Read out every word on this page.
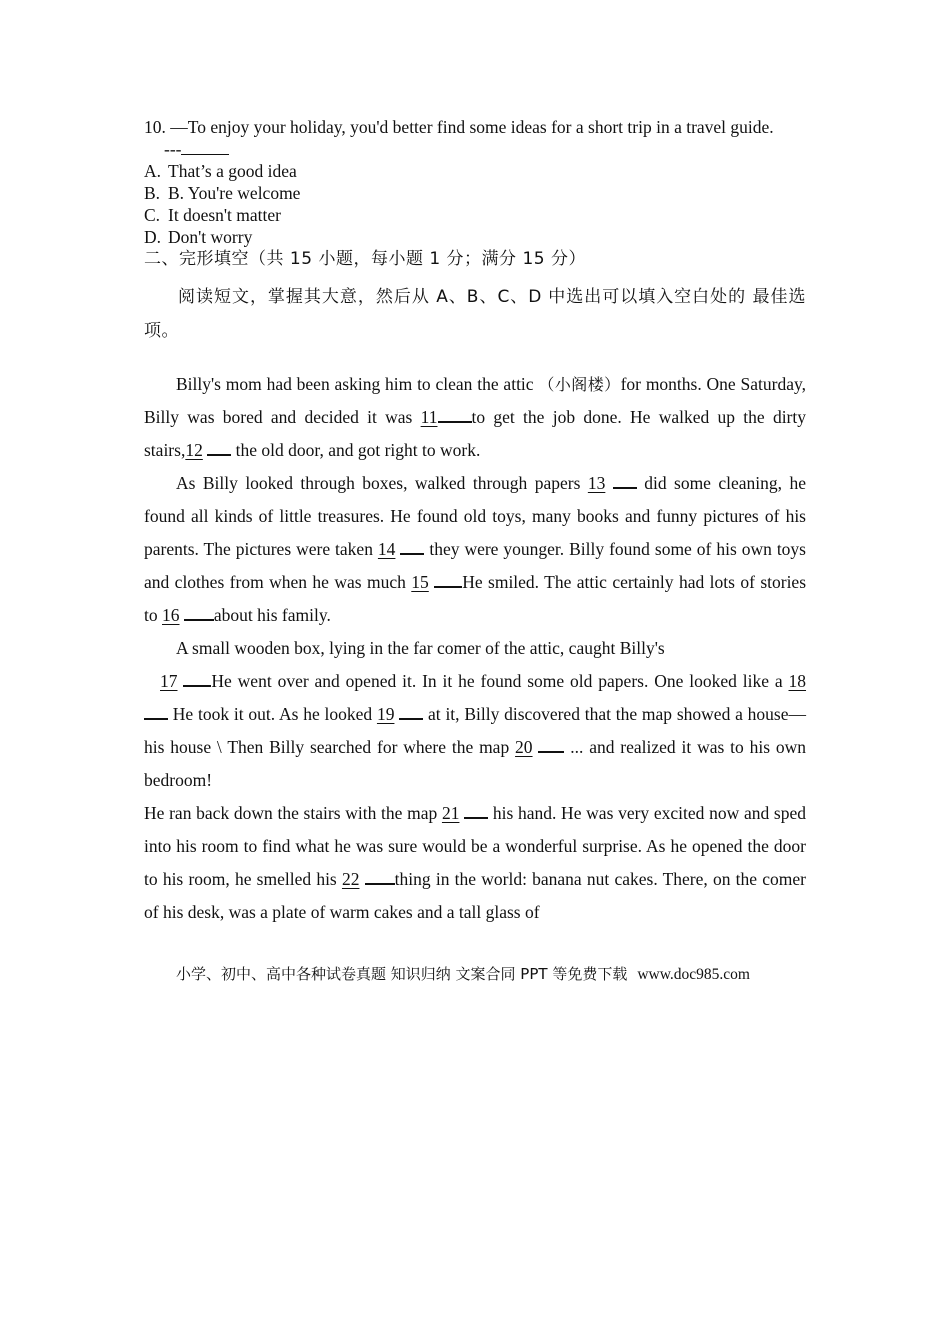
10. —To enjoy your holiday, you'd better find some ideas for a short trip in a travel guide.

---

A. That’s a good idea

B. B. You're welcome

C. It doesn't matter

D. Don't worry

二、完形填空（共 15 小题，每小题 1 分；满分 15 分）

阅读短文，掌握其大意，然后从 A、B、C、D 中选出可以填入空白处的 最佳选项。

Billy's mom had been asking him to clean the attic （小阁楼）for months. One Saturday, Billy was bored and decided it was 11 to get the job done. He walked up the dirty stairs,12  the old door, and got right to work.

As Billy looked through boxes, walked through papers 13  did some cleaning, he found all kinds of little treasures. He found old toys, many books and funny pictures of his parents. The pictures were taken 14  they were younger. Billy found some of his own toys and clothes from when he was much 15 He smiled. The attic certainly had lots of stories to 16 about his family.

A small wooden box, lying in the far comer of the attic, caught Billy's

17 He went over and opened it. In it he found some old papers. One looked like a 18  He took it out. As he looked 19  at it, Billy discovered that the map showed a house—his house \ Then Billy searched for where the map 20  ... and realized it was to his own bedroom!

He ran back down the stairs with the map 21  his hand. He was very excited now and sped into his room to find what he was sure would be a wonderful surprise. As he opened the door to his room, he smelled his 22 thing in the world: banana nut cakes. There, on the comer of his desk, was a plate of warm cakes and a tall glass of

小学、初中、高中各种试卷真题 知识归纳 文案合同 PPT 等免费下载 www.doc985.com
